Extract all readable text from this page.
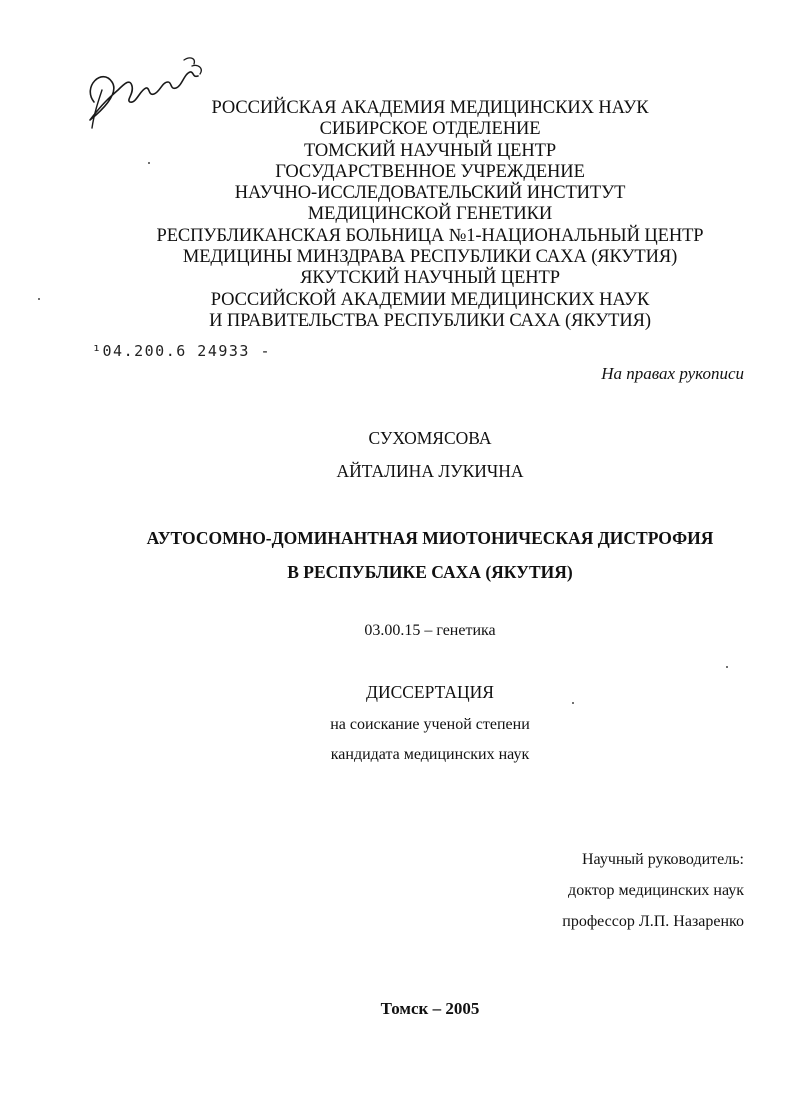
РОССИЙСКАЯ АКАДЕМИЯ МЕДИЦИНСКИХ НАУК
СИБИРСКОЕ ОТДЕЛЕНИЕ
ТОМСКИЙ НАУЧНЫЙ ЦЕНТР
ГОСУДАРСТВЕННОЕ УЧРЕЖДЕНИЕ
НАУЧНО-ИССЛЕДОВАТЕЛЬСКИЙ ИНСТИТУТ
МЕДИЦИНСКОЙ ГЕНЕТИКИ
РЕСПУБЛИКАНСКАЯ БОЛЬНИЦА №1-НАЦИОНАЛЬНЫЙ ЦЕНТР
МЕДИЦИНЫ МИНЗДРАВА РЕСПУБЛИКИ САХА (ЯКУТИЯ)
ЯКУТСКИЙ НАУЧНЫЙ ЦЕНТР
РОССИЙСКОЙ АКАДЕМИИ МЕДИЦИНСКИХ НАУК
И ПРАВИТЕЛЬСТВА РЕСПУБЛИКИ САХА (ЯКУТИЯ)
¹04.200.6 24933 -
На правах рукописи
СУХОМЯСОВА
АЙТАЛИНА ЛУКИЧНА
АУТОСОМНО-ДОМИНАНТНАЯ МИОТОНИЧЕСКАЯ ДИСТРОФИЯ
В РЕСПУБЛИКЕ САХА (ЯКУТИЯ)
03.00.15 – генетика
ДИССЕРТАЦИЯ
на соискание ученой степени
кандидата медицинских наук
Научный руководитель:
доктор медицинских наук
профессор Л.П. Назаренко
Томск – 2005
